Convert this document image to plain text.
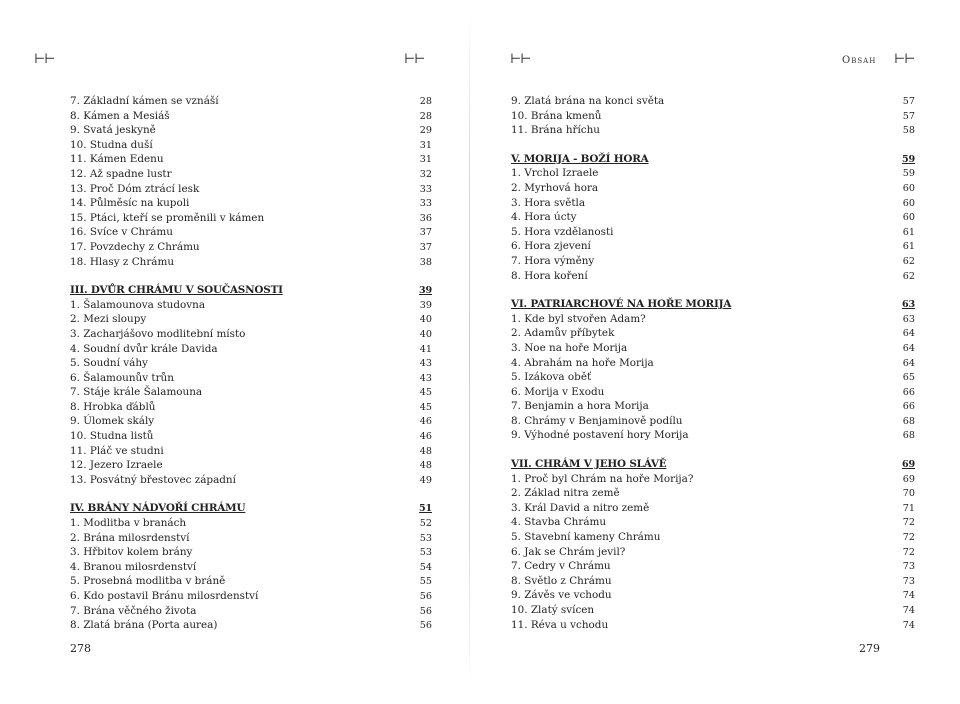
⊢⊢	⊢⊢
7. Základní kámen se vznáší	28
8. Kámen a Mesiáš	28
9. Svatá jeskyně	29
10. Studna duší	31
11. Kámen Edenu	31
12. Až spadne lustr	32
13. Proč Dóm ztrácí lesk	33
14. Půlměsíc na kupoli	33
15. Ptáci, kteří se proměnili v kámen	36
16. Svíce v Chrámu	37
17. Povzdechy z Chrámu	37
18. Hlasy z Chrámu	38
III. DVŮR CHRÁMU V SOUČASNOSTI	39
1. Šalamounova studovna	39
2. Mezi sloupy	40
3. Zacharjášovo modlitební místo	40
4. Soudní dvůr krále Davida	41
5. Soudní váhy	43
6. Šalamounův trůn	43
7. Stáje krále Šalamouna	45
8. Hrobka ďáblů	45
9. Úlomek skály	46
10. Studna listů	46
11. Pláč ve studni	48
12. Jezero Izraele	48
13. Posvátný břestovec západní	49
IV. BRÁNY NÁDVOŘÍ CHRÁMU	51
1. Modlitba v branách	52
2. Brána milosrdenství	53
3. Hřbitov kolem brány	53
4. Branou milosrdenství	54
5. Prosebná modlitba v bráně	55
6. Kdo postavil Bránu milosrdenství	56
7. Brána věčného života	56
8. Zlatá brána (Porta aurea)	56
278
⊢⊢	Obsah ⊢⊢
9. Zlatá brána na konci světa	57
10. Brána kmenů	57
11. Brána hříchu	58
V. MORIJA - BOŽÍ HORA	59
1. Vrchol Izraele	59
2. Myrhová hora	60
3. Hora světla	60
4. Hora úcty	60
5. Hora vzdělanosti	61
6. Hora zjevení	61
7. Hora výměny	62
8. Hora koření	62
VI. PATRIARCHOVÉ NA HOŘE MORIJA	63
1. Kde byl stvořen Adam?	63
2. Adamův příbytek	64
3. Noe na hoře Morija	64
4. Abrahám na hoře Morija	64
5. Izákova oběť	65
6. Morija v Exodu	66
7. Benjamin a hora Morija	66
8. Chrámy v Benjaminově podílu	68
9. Výhodné postavení hory Morija	68
VII. CHRÁM V JEHO SLÁVĚ	69
1. Proč byl Chrám na hoře Morija?	69
2. Základ nitra země	70
3. Král David a nitro země	71
4. Stavba Chrámu	72
5. Stavební kameny Chrámu	72
6. Jak se Chrám jevil?	72
7. Cedry v Chrámu	73
8. Světlo z Chrámu	73
9. Závěs ve vchodu	74
10. Zlatý svícen	74
11. Réva u vchodu	74
279
